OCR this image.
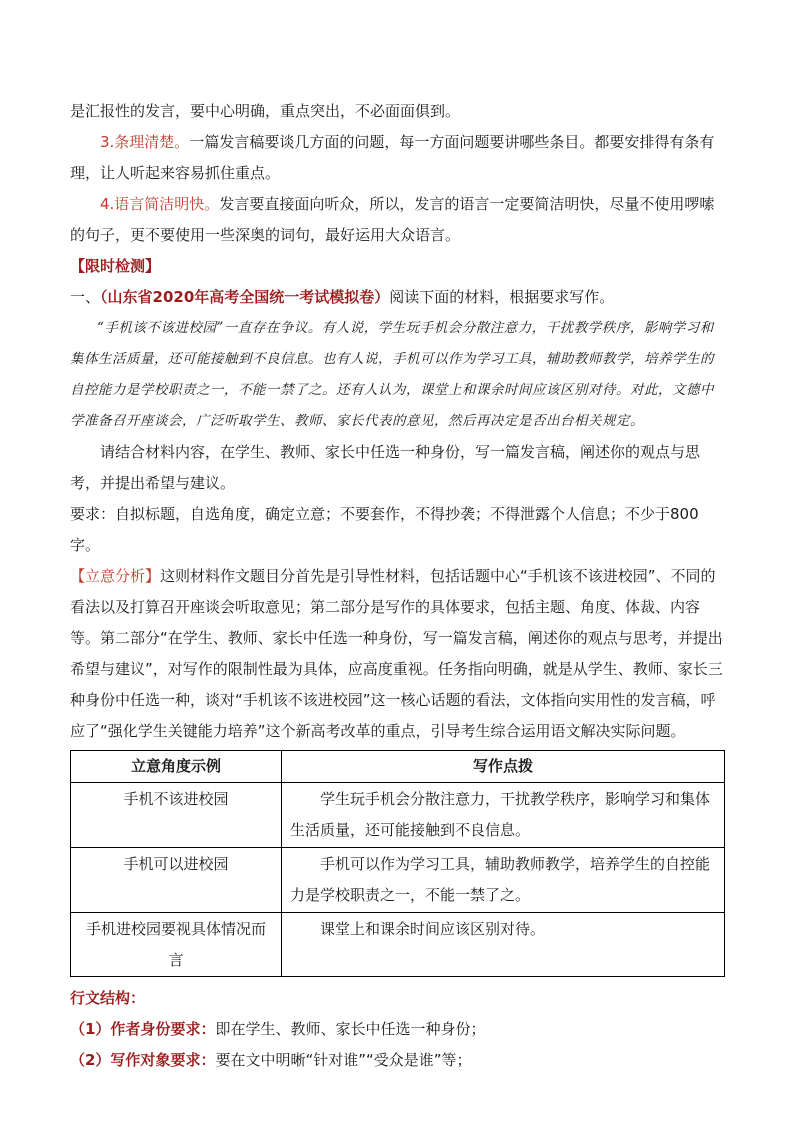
是汇报性的发言，要中心明确，重点突出，不必面面俱到。

3.条理清楚。一篇发言稿要谈几方面的问题，每一方面问题要讲哪些条目。都要安排得有条有理，让人听起来容易抓住重点。

4.语言简洁明快。发言要直接面向听众，所以，发言的语言一定要简洁明快，尽量不使用啰嗦的句子，更不要使用一些深奥的词句，最好运用大众语言。

【限时检测】

一、（山东省2020年高考全国统一考试模拟卷）阅读下面的材料，根据要求写作。

“手机该不该进校园”一直存在争议。有人说，学生玩手机会分散注意力，干扰教学秩序，影响学习和集体生活质量，还可能接触到不良信息。也有人说，手机可以作为学习工具，辅助教师教学，培养学生的自控能力是学校职责之一，不能一禁了之。还有人认为，课堂上和课余时间应该区别对待。对此，文德中学准备召开座谈会，广泛听取学生、教师、家长代表的意见，然后再决定是否出台相关规定。

请结合材料内容，在学生、教师、家长中任选一种身份，写一篇发言稿，阐述你的观点与思考，并提出希望与建议。

要求：自拟标题，自选角度，确定立意；不要套作，不得抄袭；不得泄露个人信息；不少于800字。

【立意分析】这则材料作文题目分首先是引导性材料，包括话题中心“手机该不该进校园”、不同的看法以及打算召开座谈会听取意见；第二部分是写作的具体要求，包括主题、角度、体裁、内容等。第二部分“在学生、教师、家长中任选一种身份，写一篇发言稿，阐述你的观点与思考，并提出希望与建议”，对写作的限制性最为具体，应高度重视。任务指向明确，就是从学生、教师、家长三种身份中任选一种，谈对“手机该不该进校园”这一核心话题的看法，文体指向实用性的发言稿，呼应了“强化学生关键能力培养”这个新高考改革的重点，引导考生综合运用语文解决实际问题。

立意角度示例	写作点拨
手机不该进校园	学生玩手机会分散注意力，干扰教学秩序，影响学习和集体生活质量，还可能接触到不良信息。
手机可以进校园	手机可以作为学习工具，辅助教师教学，培养学生的自控能力是学校职责之一，不能一禁了之。
手机进校园要视具体情况而言	课堂上和课余时间应该区别对待。

行文结构：

（1）作者身份要求：即在学生、教师、家长中任选一种身份；

（2）写作对象要求：要在文中明晰“针对谁”“受众是谁”等；
